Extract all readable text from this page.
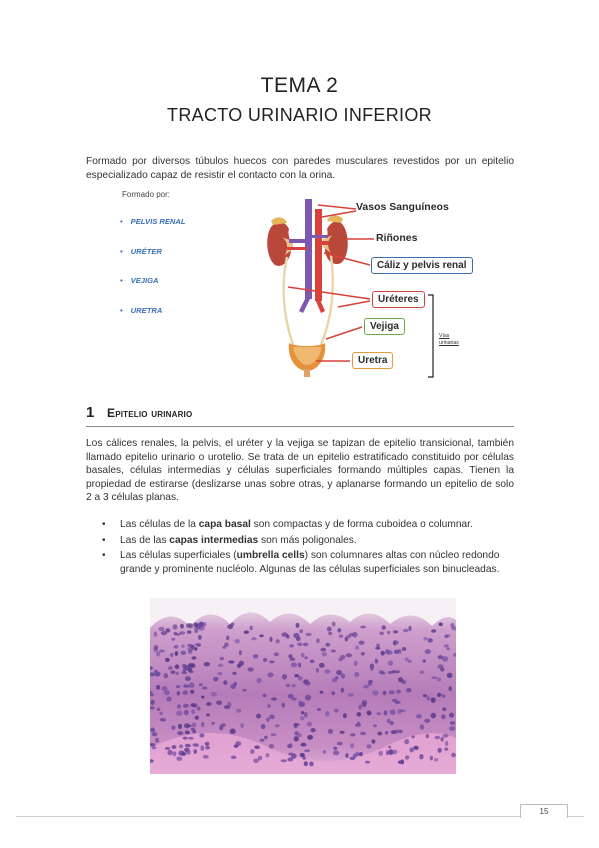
TEMA 2
TRACTO URINARIO INFERIOR

Formado por diversos túbulos huecos con paredes musculares revestidos por un epitelio especializado capaz de resistir el contacto con la orina.

Formado por:
• PELVIS RENAL
• URÉTER
• VEJIGA
• URETRA
Vasos Sanguíneos
Riñones
Cáliz y pelvis renal
Uréteres
Vejiga
Uretra
Vías urinarias
1 Epitelio urinario

Los cálices renales, la pelvis, el uréter y la vejiga se tapizan de epitelio transicional, también llamado epitelio urinario o urotelio. Se trata de un epitelio estratificado constituido por células basales, células intermedias y células superficiales formando múltiples capas. Tienen la propiedad de estirarse (deslizarse unas sobre otras, y aplanarse formando un epitelio de solo 2 a 3 células planas.

• Las células de la capa basal son compactas y de forma cuboidea o columnar.
• Las de las capas intermedias son más poligonales.
• Las células superficiales (umbrella cells) son columnares altas con núcleo redondo grande y prominente nucléolo. Algunas de las células superficiales son binucleadas.
15
